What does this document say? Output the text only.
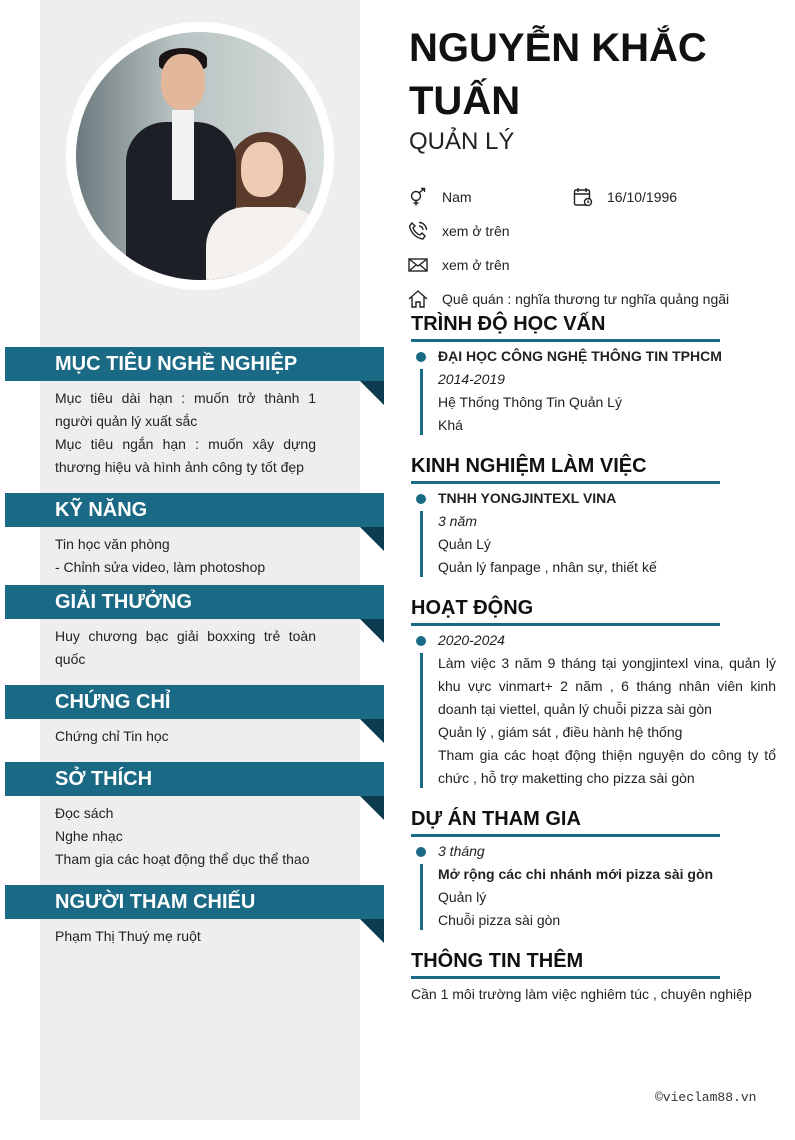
MỤC TIÊU NGHỀ NGHIỆP
Mục tiêu dài hạn : muốn trở thành 1 người quản lý xuất sắc
Mục tiêu ngắn hạn : muốn xây dựng thương hiệu và hình ảnh công ty tốt đẹp
KỸ NĂNG
Tin học văn phòng
- Chỉnh sửa video, làm photoshop
GIẢI THƯỞNG
Huy chương bạc giải boxxing trẻ toàn quốc
CHỨNG CHỈ
Chứng chỉ Tin học
SỞ THÍCH
Đọc sách
Nghe nhạc
Tham gia các hoạt động thể dục thể thao
NGƯỜI THAM CHIẾU
Phạm Thị Thuý mẹ ruột
NGUYỄN KHẮC TUẤN
QUẢN LÝ
Nam	16/10/1996
xem ở trên
xem ở trên
Quê quán : nghĩa thương tư nghĩa quảng ngãi
TRÌNH ĐỘ HỌC VẤN
ĐẠI HỌC CÔNG NGHỆ THÔNG TIN TPHCM
2014-2019
Hệ Thống Thông Tin Quản Lý
Khá
KINH NGHIỆM LÀM VIỆC
TNHH YONGJINTEXL VINA
3 năm
Quản Lý
Quản lý fanpage , nhân sự, thiết kế
HOẠT ĐỘNG
2020-2024
Làm việc 3 năm 9 tháng tại yongjintexl vina, quản lý khu vực vinmart+ 2 năm , 6 tháng nhân viên kinh doanh tại viettel, quản lý chuỗi pizza sài gòn
Quản lý , giám sát , điều hành hệ thống
Tham gia các hoạt động thiện nguyện do công ty tổ chức , hỗ trợ maketting cho pizza sài gòn
DỰ ÁN THAM GIA
3 tháng
Mở rộng các chi nhánh mới pizza sài gòn
Quản lý
Chuỗi pizza sài gòn
THÔNG TIN THÊM
Cần 1 môi trường làm việc nghiêm túc , chuyên nghiệp
©vieclam88.vn
